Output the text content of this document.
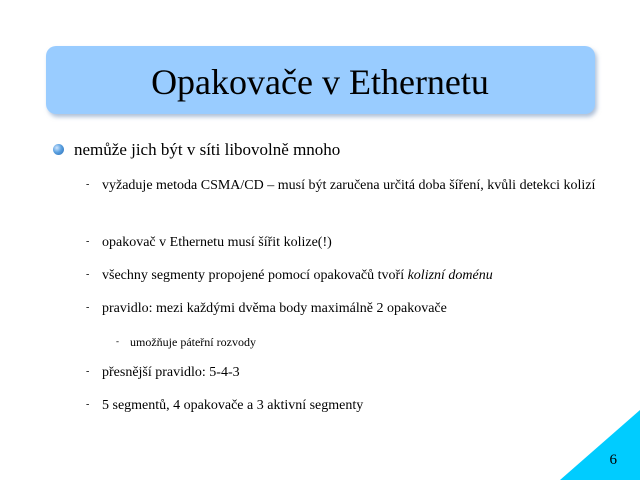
Opakovače v Ethernetu
nemůže jich být v síti libovolně mnoho
- vyžaduje metoda CSMA/CD – musí být zaručena určitá doba šíření, kvůli detekci kolizí
- opakovač v Ethernetu musí šířit kolize(!)
- všechny segmenty propojené pomocí opakovačů tvoří kolizní doménu
- pravidlo: mezi každými dvěma body maximálně 2 opakovače
- umožňuje páteřní rozvody
- přesnější pravidlo: 5-4-3
- 5 segmentů, 4 opakovače a 3 aktivní segmenty
6
